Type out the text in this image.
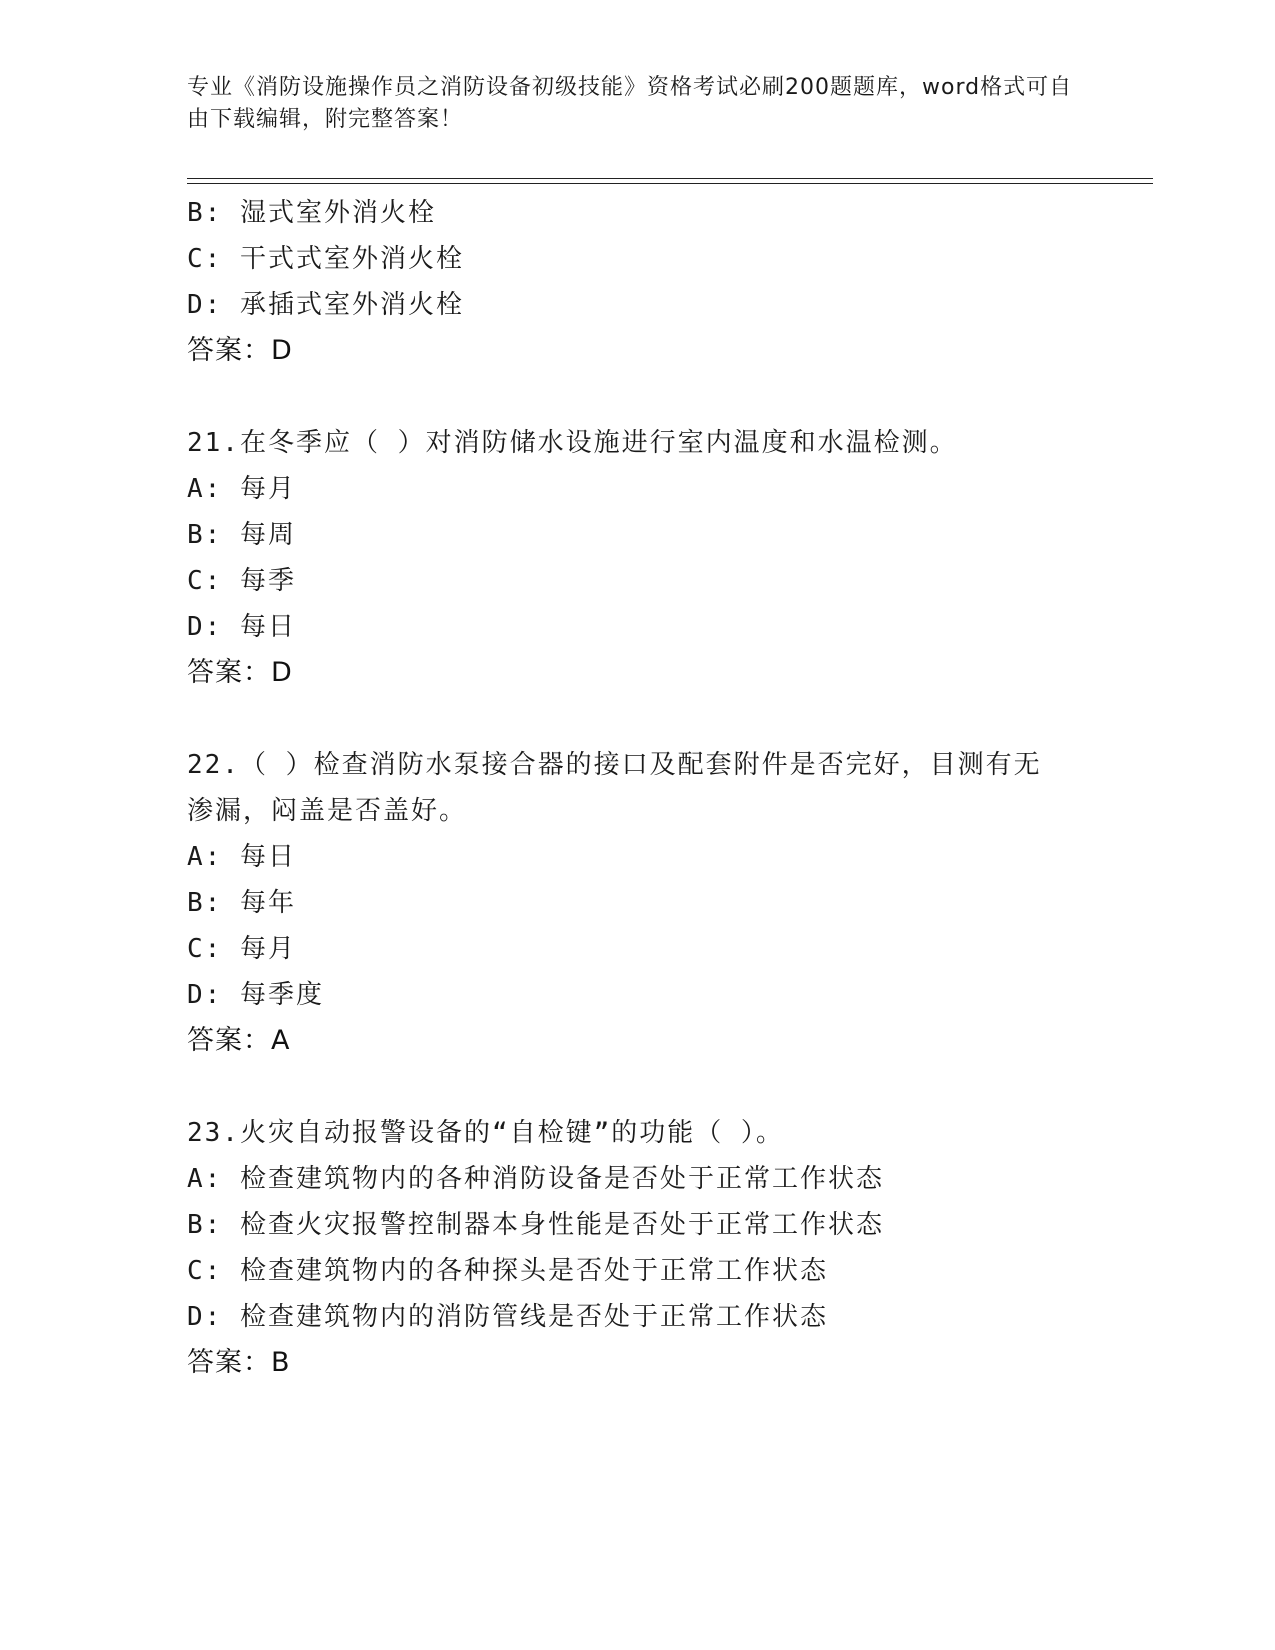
专业《消防设施操作员之消防设备初级技能》资格考试必刷200题题库，word格式可自由下载编辑，附完整答案！
B: 湿式室外消火栓
C: 干式式室外消火栓
D: 承插式室外消火栓
答案：D
21.在冬季应（ ）对消防储水设施进行室内温度和水温检测。
A: 每月
B: 每周
C: 每季
D: 每日
答案：D
22.（ ）检查消防水泵接合器的接口及配套附件是否完好，目测有无渗漏，闷盖是否盖好。
A: 每日
B: 每年
C: 每月
D: 每季度
答案：A
23.火灾自动报警设备的“自检键”的功能（ ）。
A: 检查建筑物内的各种消防设备是否处于正常工作状态
B: 检查火灾报警控制器本身性能是否处于正常工作状态
C: 检查建筑物内的各种探头是否处于正常工作状态
D: 检查建筑物内的消防管线是否处于正常工作状态
答案：B
